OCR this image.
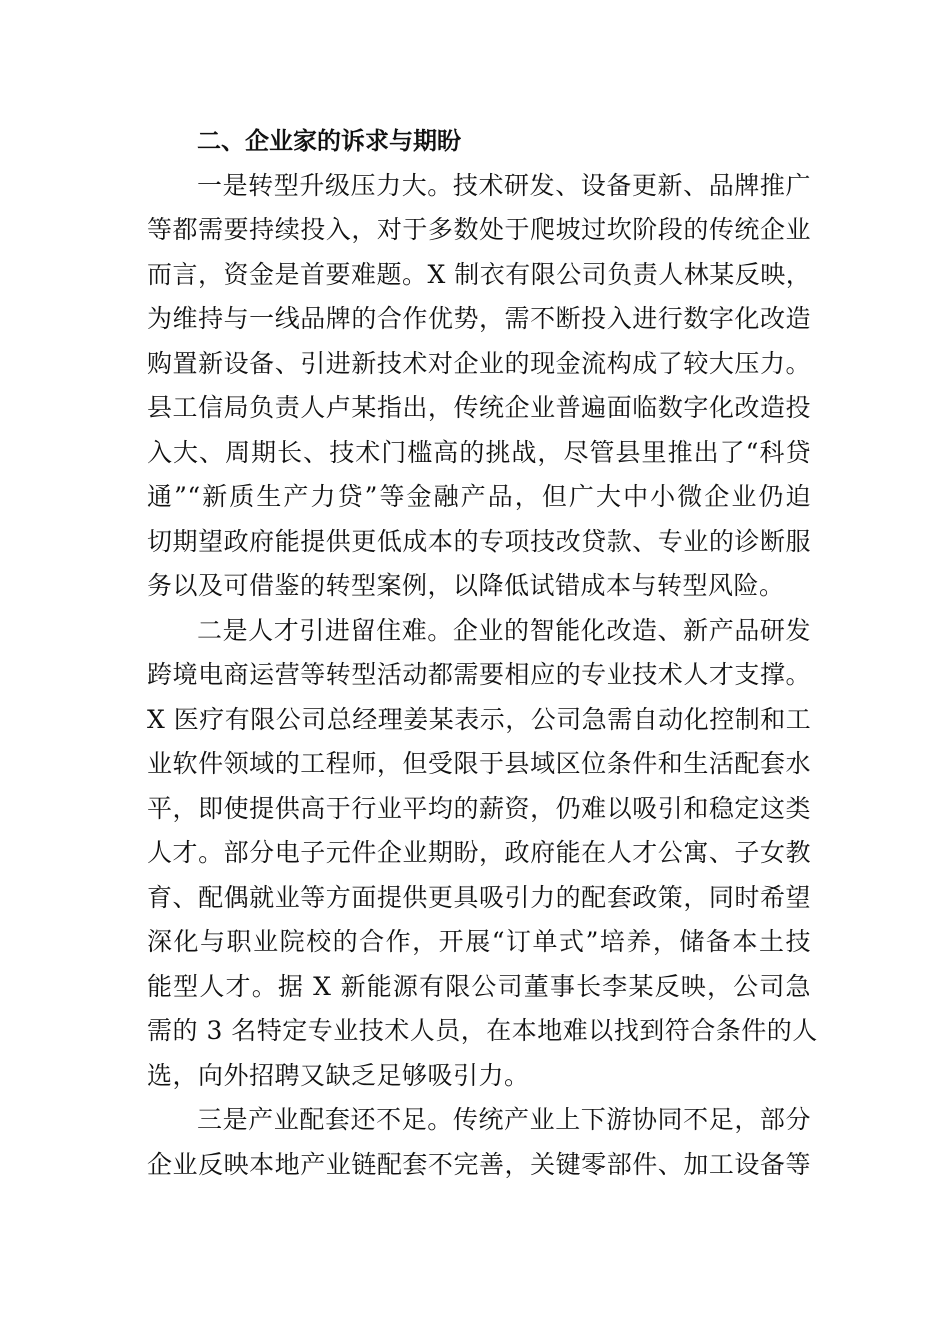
二、企业家的诉求与期盼
一是转型升级压力大。技术研发、设备更新、品牌推广
等都需要持续投入，对于多数处于爬坡过坎阶段的传统企业
而言，资金是首要难题。X 制衣有限公司负责人林某反映，
为维持与一线品牌的合作优势，需不断投入进行数字化改造
购置新设备、引进新技术对企业的现金流构成了较大压力。
县工信局负责人卢某指出，传统企业普遍面临数字化改造投
入大、周期长、技术门槛高的挑战，尽管县里推出了“科贷
通”“新质生产力贷”等金融产品，但广大中小微企业仍迫
切期望政府能提供更低成本的专项技改贷款、专业的诊断服
务以及可借鉴的转型案例，以降低试错成本与转型风险。
二是人才引进留住难。企业的智能化改造、新产品研发
跨境电商运营等转型活动都需要相应的专业技术人才支撑。
X 医疗有限公司总经理姜某表示，公司急需自动化控制和工
业软件领域的工程师，但受限于县域区位条件和生活配套水
平，即使提供高于行业平均的薪资，仍难以吸引和稳定这类
人才。部分电子元件企业期盼，政府能在人才公寓、子女教
育、配偶就业等方面提供更具吸引力的配套政策，同时希望
深化与职业院校的合作，开展“订单式”培养，储备本土技
能型人才。据 X 新能源有限公司董事长李某反映，公司急
需的 3 名特定专业技术人员，在本地难以找到符合条件的人
选，向外招聘又缺乏足够吸引力。
三是产业配套还不足。传统产业上下游协同不足，部分
企业反映本地产业链配套不完善，关键零部件、加工设备等
